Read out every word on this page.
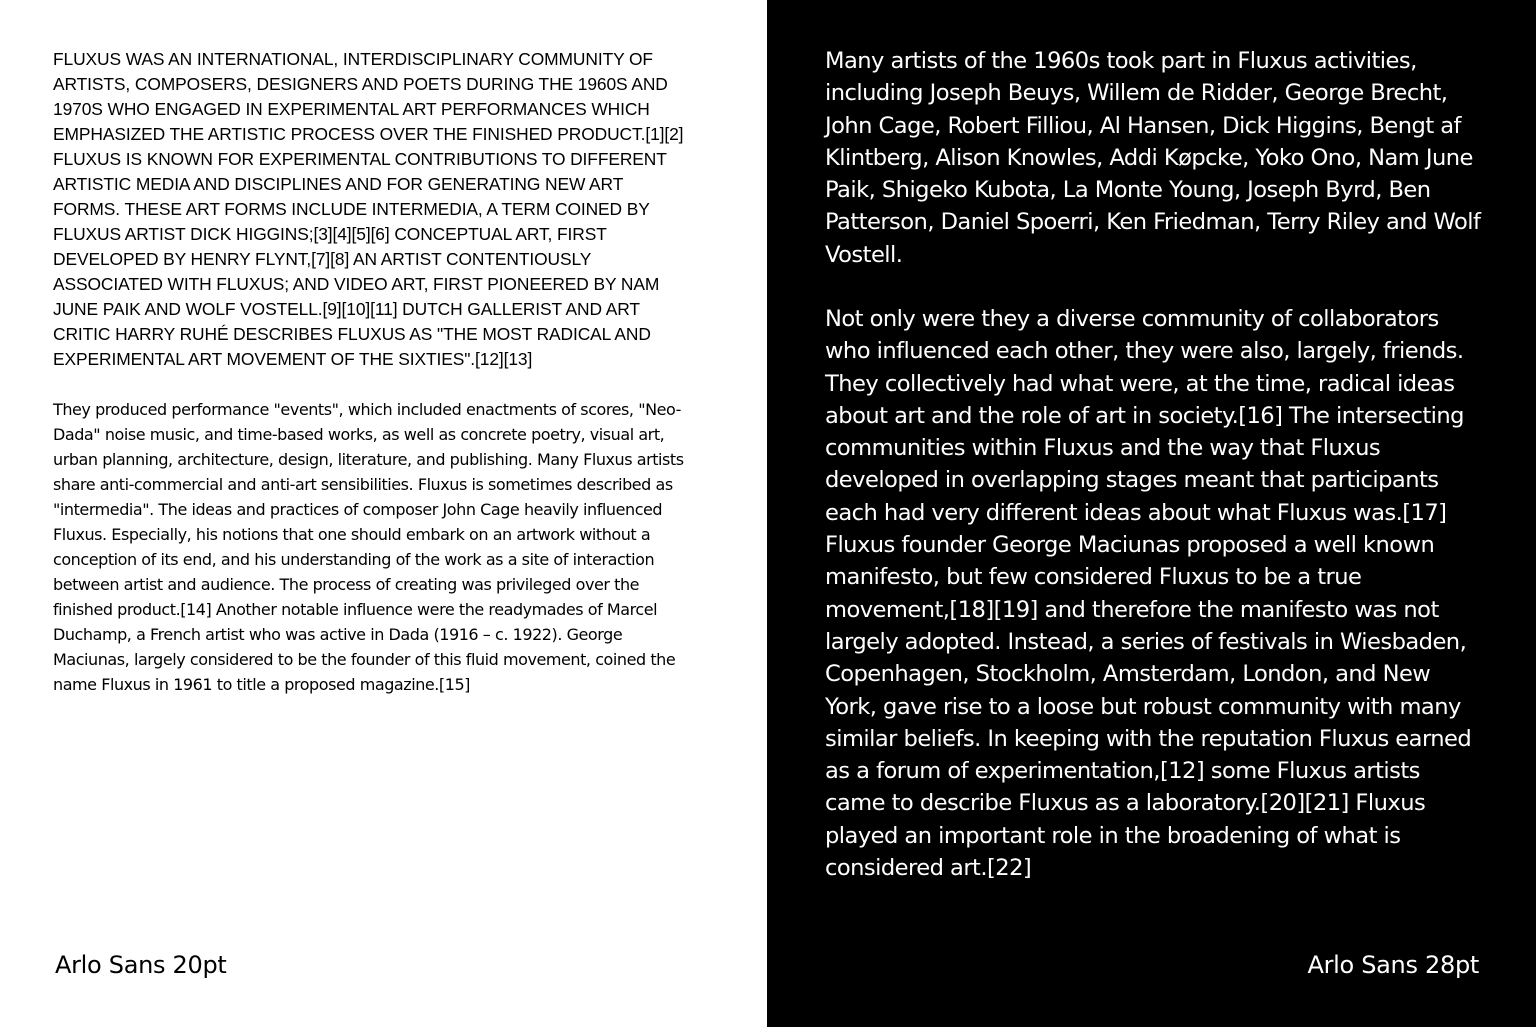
FLUXUS WAS AN INTERNATIONAL, INTERDISCIPLINARY COMMUNITY OF ARTISTS, COMPOSERS, DESIGNERS AND POETS DURING THE 1960S AND 1970S WHO ENGAGED IN EXPERIMENTAL ART PERFORMANCES WHICH EMPHASIZED THE ARTISTIC PROCESS OVER THE FINISHED PRODUCT.[1][2] FLUXUS IS KNOWN FOR EXPERIMENTAL CONTRIBUTIONS TO DIFFERENT ARTISTIC MEDIA AND DISCIPLINES AND FOR GENERATING NEW ART FORMS. THESE ART FORMS INCLUDE INTERMEDIA, A TERM COINED BY FLUXUS ARTIST DICK HIGGINS;[3][4][5][6] CONCEPTUAL ART, FIRST DEVELOPED BY HENRY FLYNT,[7][8] AN ARTIST CONTENTIOUSLY ASSOCIATED WITH FLUXUS; AND VIDEO ART, FIRST PIONEERED BY NAM JUNE PAIK AND WOLF VOSTELL.[9][10][11] DUTCH GALLERIST AND ART CRITIC HARRY RUHÉ DESCRIBES FLUXUS AS "THE MOST RADICAL AND EXPERIMENTAL ART MOVEMENT OF THE SIXTIES".[12][13]

They produced performance "events", which included enactments of scores, "Neo-Dada" noise music, and time-based works, as well as concrete poetry, visual art, urban planning, architecture, design, literature, and publishing. Many Fluxus artists share anti-commercial and anti-art sensibilities. Fluxus is sometimes described as "intermedia". The ideas and practices of composer John Cage heavily influenced Fluxus. Especially, his notions that one should embark on an artwork without a conception of its end, and his understanding of the work as a site of interaction between artist and audience. The process of creating was privileged over the finished product.[14] Another notable influence were the readymades of Marcel Duchamp, a French artist who was active in Dada (1916 – c. 1922). George Maciunas, largely considered to be the founder of this fluid movement, coined the name Fluxus in 1961 to title a proposed magazine.[15]

Arlo Sans 20pt

Many artists of the 1960s took part in Fluxus activities, including Joseph Beuys, Willem de Ridder, George Brecht, John Cage, Robert Filliou, Al Hansen, Dick Higgins, Bengt af Klintberg, Alison Knowles, Addi Køpcke, Yoko Ono, Nam June Paik, Shigeko Kubota, La Monte Young, Joseph Byrd, Ben Patterson, Daniel Spoerri, Ken Friedman, Terry Riley and Wolf Vostell.

Not only were they a diverse community of collaborators who influenced each other, they were also, largely, friends. They collectively had what were, at the time, radical ideas about art and the role of art in society.[16] The intersecting communities within Fluxus and the way that Fluxus developed in overlapping stages meant that participants each had very different ideas about what Fluxus was.[17] Fluxus founder George Maciunas proposed a well known manifesto, but few considered Fluxus to be a true movement,[18][19] and therefore the manifesto was not largely adopted. Instead, a series of festivals in Wiesbaden, Copenhagen, Stockholm, Amsterdam, London, and New York, gave rise to a loose but robust community with many similar beliefs. In keeping with the reputation Fluxus earned as a forum of experimentation,[12] some Fluxus artists came to describe Fluxus as a laboratory.[20][21] Fluxus played an important role in the broadening of what is considered art.[22]

Arlo Sans 28pt
